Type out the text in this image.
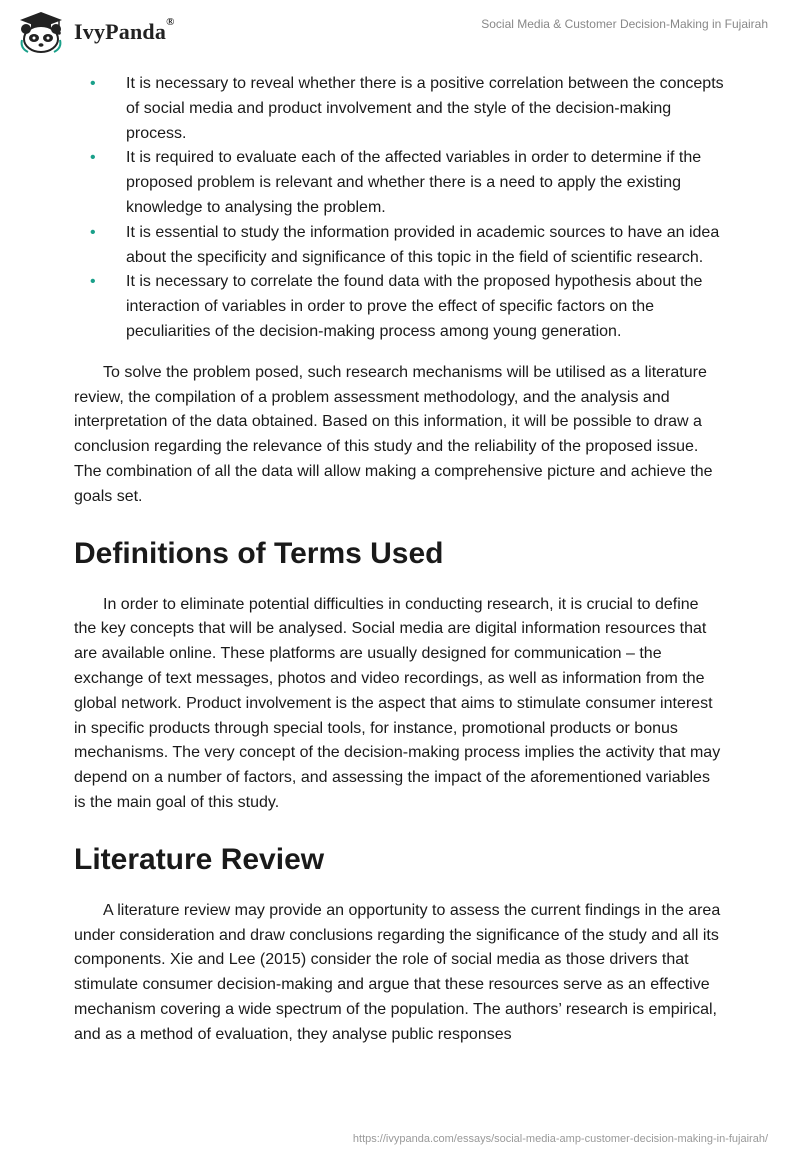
IvyPanda®	Social Media & Customer Decision-Making in Fujairah
• It is necessary to reveal whether there is a positive correlation between the concepts of social media and product involvement and the style of the decision-making process.
• It is required to evaluate each of the affected variables in order to determine if the proposed problem is relevant and whether there is a need to apply the existing knowledge to analysing the problem.
• It is essential to study the information provided in academic sources to have an idea about the specificity and significance of this topic in the field of scientific research.
• It is necessary to correlate the found data with the proposed hypothesis about the interaction of variables in order to prove the effect of specific factors on the peculiarities of the decision-making process among young generation.

To solve the problem posed, such research mechanisms will be utilised as a literature review, the compilation of a problem assessment methodology, and the analysis and interpretation of the data obtained. Based on this information, it will be possible to draw a conclusion regarding the relevance of this study and the reliability of the proposed issue. The combination of all the data will allow making a comprehensive picture and achieve the goals set.

Definitions of Terms Used

In order to eliminate potential difficulties in conducting research, it is crucial to define the key concepts that will be analysed. Social media are digital information resources that are available online. These platforms are usually designed for communication – the exchange of text messages, photos and video recordings, as well as information from the global network. Product involvement is the aspect that aims to stimulate consumer interest in specific products through special tools, for instance, promotional products or bonus mechanisms. The very concept of the decision-making process implies the activity that may depend on a number of factors, and assessing the impact of the aforementioned variables is the main goal of this study.

Literature Review

A literature review may provide an opportunity to assess the current findings in the area under consideration and draw conclusions regarding the significance of the study and all its components. Xie and Lee (2015) consider the role of social media as those drivers that stimulate consumer decision-making and argue that these resources serve as an effective mechanism covering a wide spectrum of the population. The authors’ research is empirical, and as a method of evaluation, they analyse public responses

https://ivypanda.com/essays/social-media-amp-customer-decision-making-in-fujairah/
